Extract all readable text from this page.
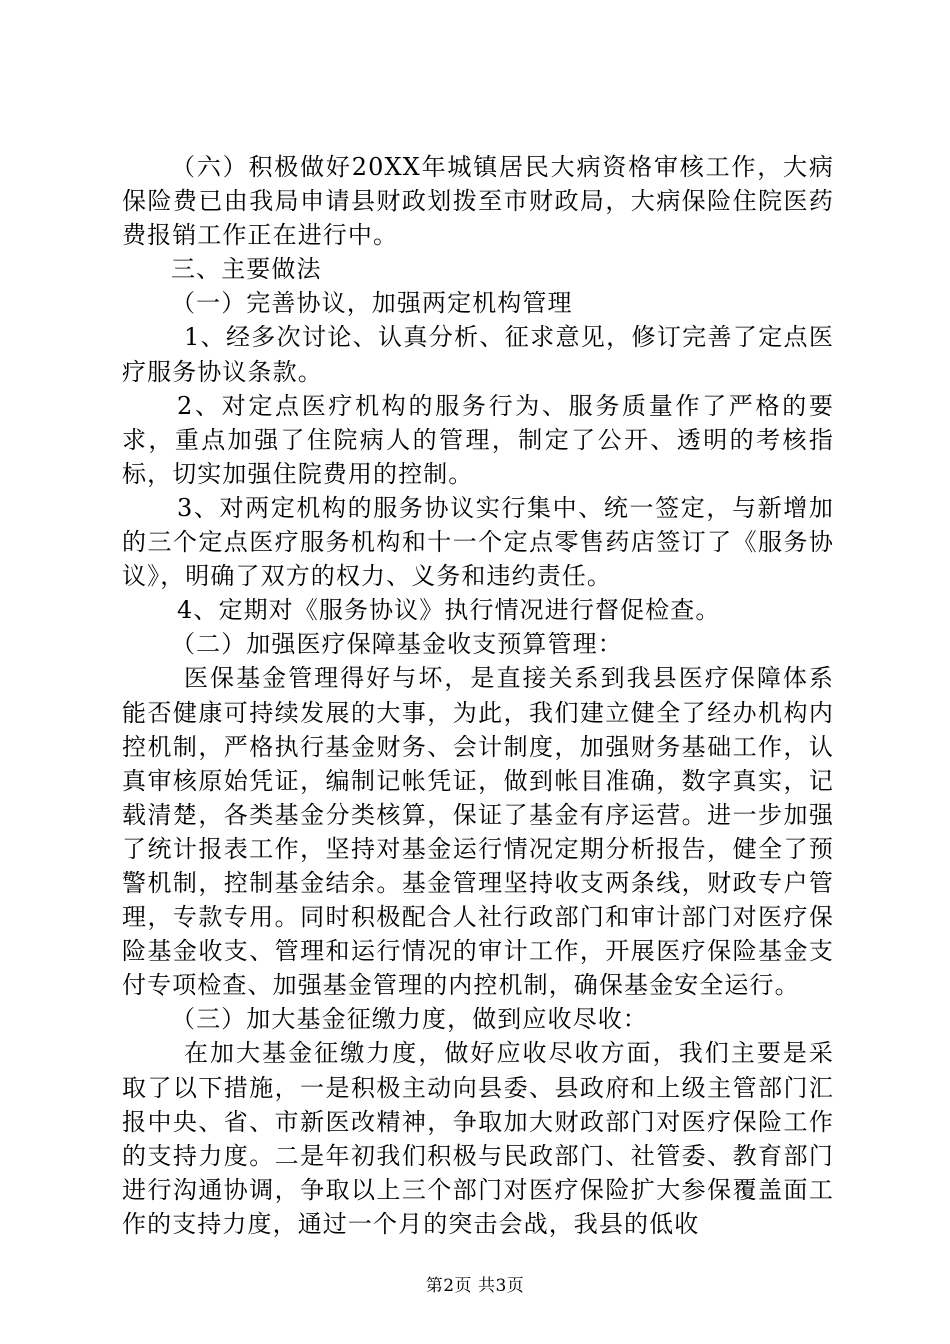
（六）积极做好20XX年城镇居民大病资格审核工作，大病保险费已由我局申请县财政划拨至市财政局，大病保险住院医药费报销工作正在进行中。

三、主要做法

（一）完善协议，加强两定机构管理

1、经多次讨论、认真分析、征求意见，修订完善了定点医疗服务协议条款。

2、对定点医疗机构的服务行为、服务质量作了严格的要求，重点加强了住院病人的管理，制定了公开、透明的考核指标，切实加强住院费用的控制。

3、对两定机构的服务协议实行集中、统一签定，与新增加的三个定点医疗服务机构和十一个定点零售药店签订了《服务协议》，明确了双方的权力、义务和违约责任。

4、定期对《服务协议》执行情况进行督促检查。

（二）加强医疗保障基金收支预算管理：

医保基金管理得好与坏，是直接关系到我县医疗保障体系能否健康可持续发展的大事，为此，我们建立健全了经办机构内控机制，严格执行基金财务、会计制度，加强财务基础工作，认真审核原始凭证，编制记帐凭证，做到帐目准确，数字真实，记载清楚，各类基金分类核算，保证了基金有序运营。进一步加强了统计报表工作，坚持对基金运行情况定期分析报告，健全了预警机制，控制基金结余。基金管理坚持收支两条线，财政专户管理，专款专用。同时积极配合人社行政部门和审计部门对医疗保险基金收支、管理和运行情况的审计工作，开展医疗保险基金支付专项检查、加强基金管理的内控机制，确保基金安全运行。

（三）加大基金征缴力度，做到应收尽收：

在加大基金征缴力度，做好应收尽收方面，我们主要是采取了以下措施，一是积极主动向县委、县政府和上级主管部门汇报中央、省、市新医改精神，争取加大财政部门对医疗保险工作的支持力度。二是年初我们积极与民政部门、社管委、教育部门进行沟通协调，争取以上三个部门对医疗保险扩大参保覆盖面工作的支持力度，通过一个月的突击会战，我县的低收

第2页 共3页
